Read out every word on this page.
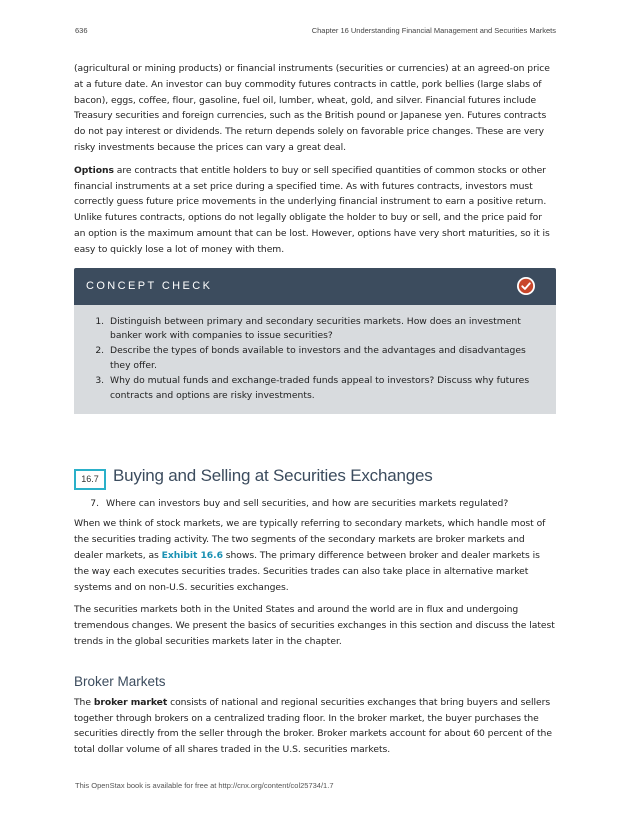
636	Chapter 16 Understanding Financial Management and Securities Markets

(agricultural or mining products) or financial instruments (securities or currencies) at an agreed-on price at a future date. An investor can buy commodity futures contracts in cattle, pork bellies (large slabs of bacon), eggs, coffee, flour, gasoline, fuel oil, lumber, wheat, gold, and silver. Financial futures include Treasury securities and foreign currencies, such as the British pound or Japanese yen. Futures contracts do not pay interest or dividends. The return depends solely on favorable price changes. These are very risky investments because the prices can vary a great deal.

Options are contracts that entitle holders to buy or sell specified quantities of common stocks or other financial instruments at a set price during a specified time. As with futures contracts, investors must correctly guess future price movements in the underlying financial instrument to earn a positive return. Unlike futures contracts, options do not legally obligate the holder to buy or sell, and the price paid for an option is the maximum amount that can be lost. However, options have very short maturities, so it is easy to quickly lose a lot of money with them.

CONCEPT CHECK
1. Distinguish between primary and secondary securities markets. How does an investment banker work with companies to issue securities?
2. Describe the types of bonds available to investors and the advantages and disadvantages they offer.
3. Why do mutual funds and exchange-traded funds appeal to investors? Discuss why futures contracts and options are risky investments.
16.7 Buying and Selling at Securities Exchanges
7. Where can investors buy and sell securities, and how are securities markets regulated?

When we think of stock markets, we are typically referring to secondary markets, which handle most of the securities trading activity. The two segments of the secondary markets are broker markets and dealer markets, as Exhibit 16.6 shows. The primary difference between broker and dealer markets is the way each executes securities trades. Securities trades can also take place in alternative market systems and on non-U.S. securities exchanges.

The securities markets both in the United States and around the world are in flux and undergoing tremendous changes. We present the basics of securities exchanges in this section and discuss the latest trends in the global securities markets later in the chapter.

Broker Markets

The broker market consists of national and regional securities exchanges that bring buyers and sellers together through brokers on a centralized trading floor. In the broker market, the buyer purchases the securities directly from the seller through the broker. Broker markets account for about 60 percent of the total dollar volume of all shares traded in the U.S. securities markets.

This OpenStax book is available for free at http://cnx.org/content/col25734/1.7
